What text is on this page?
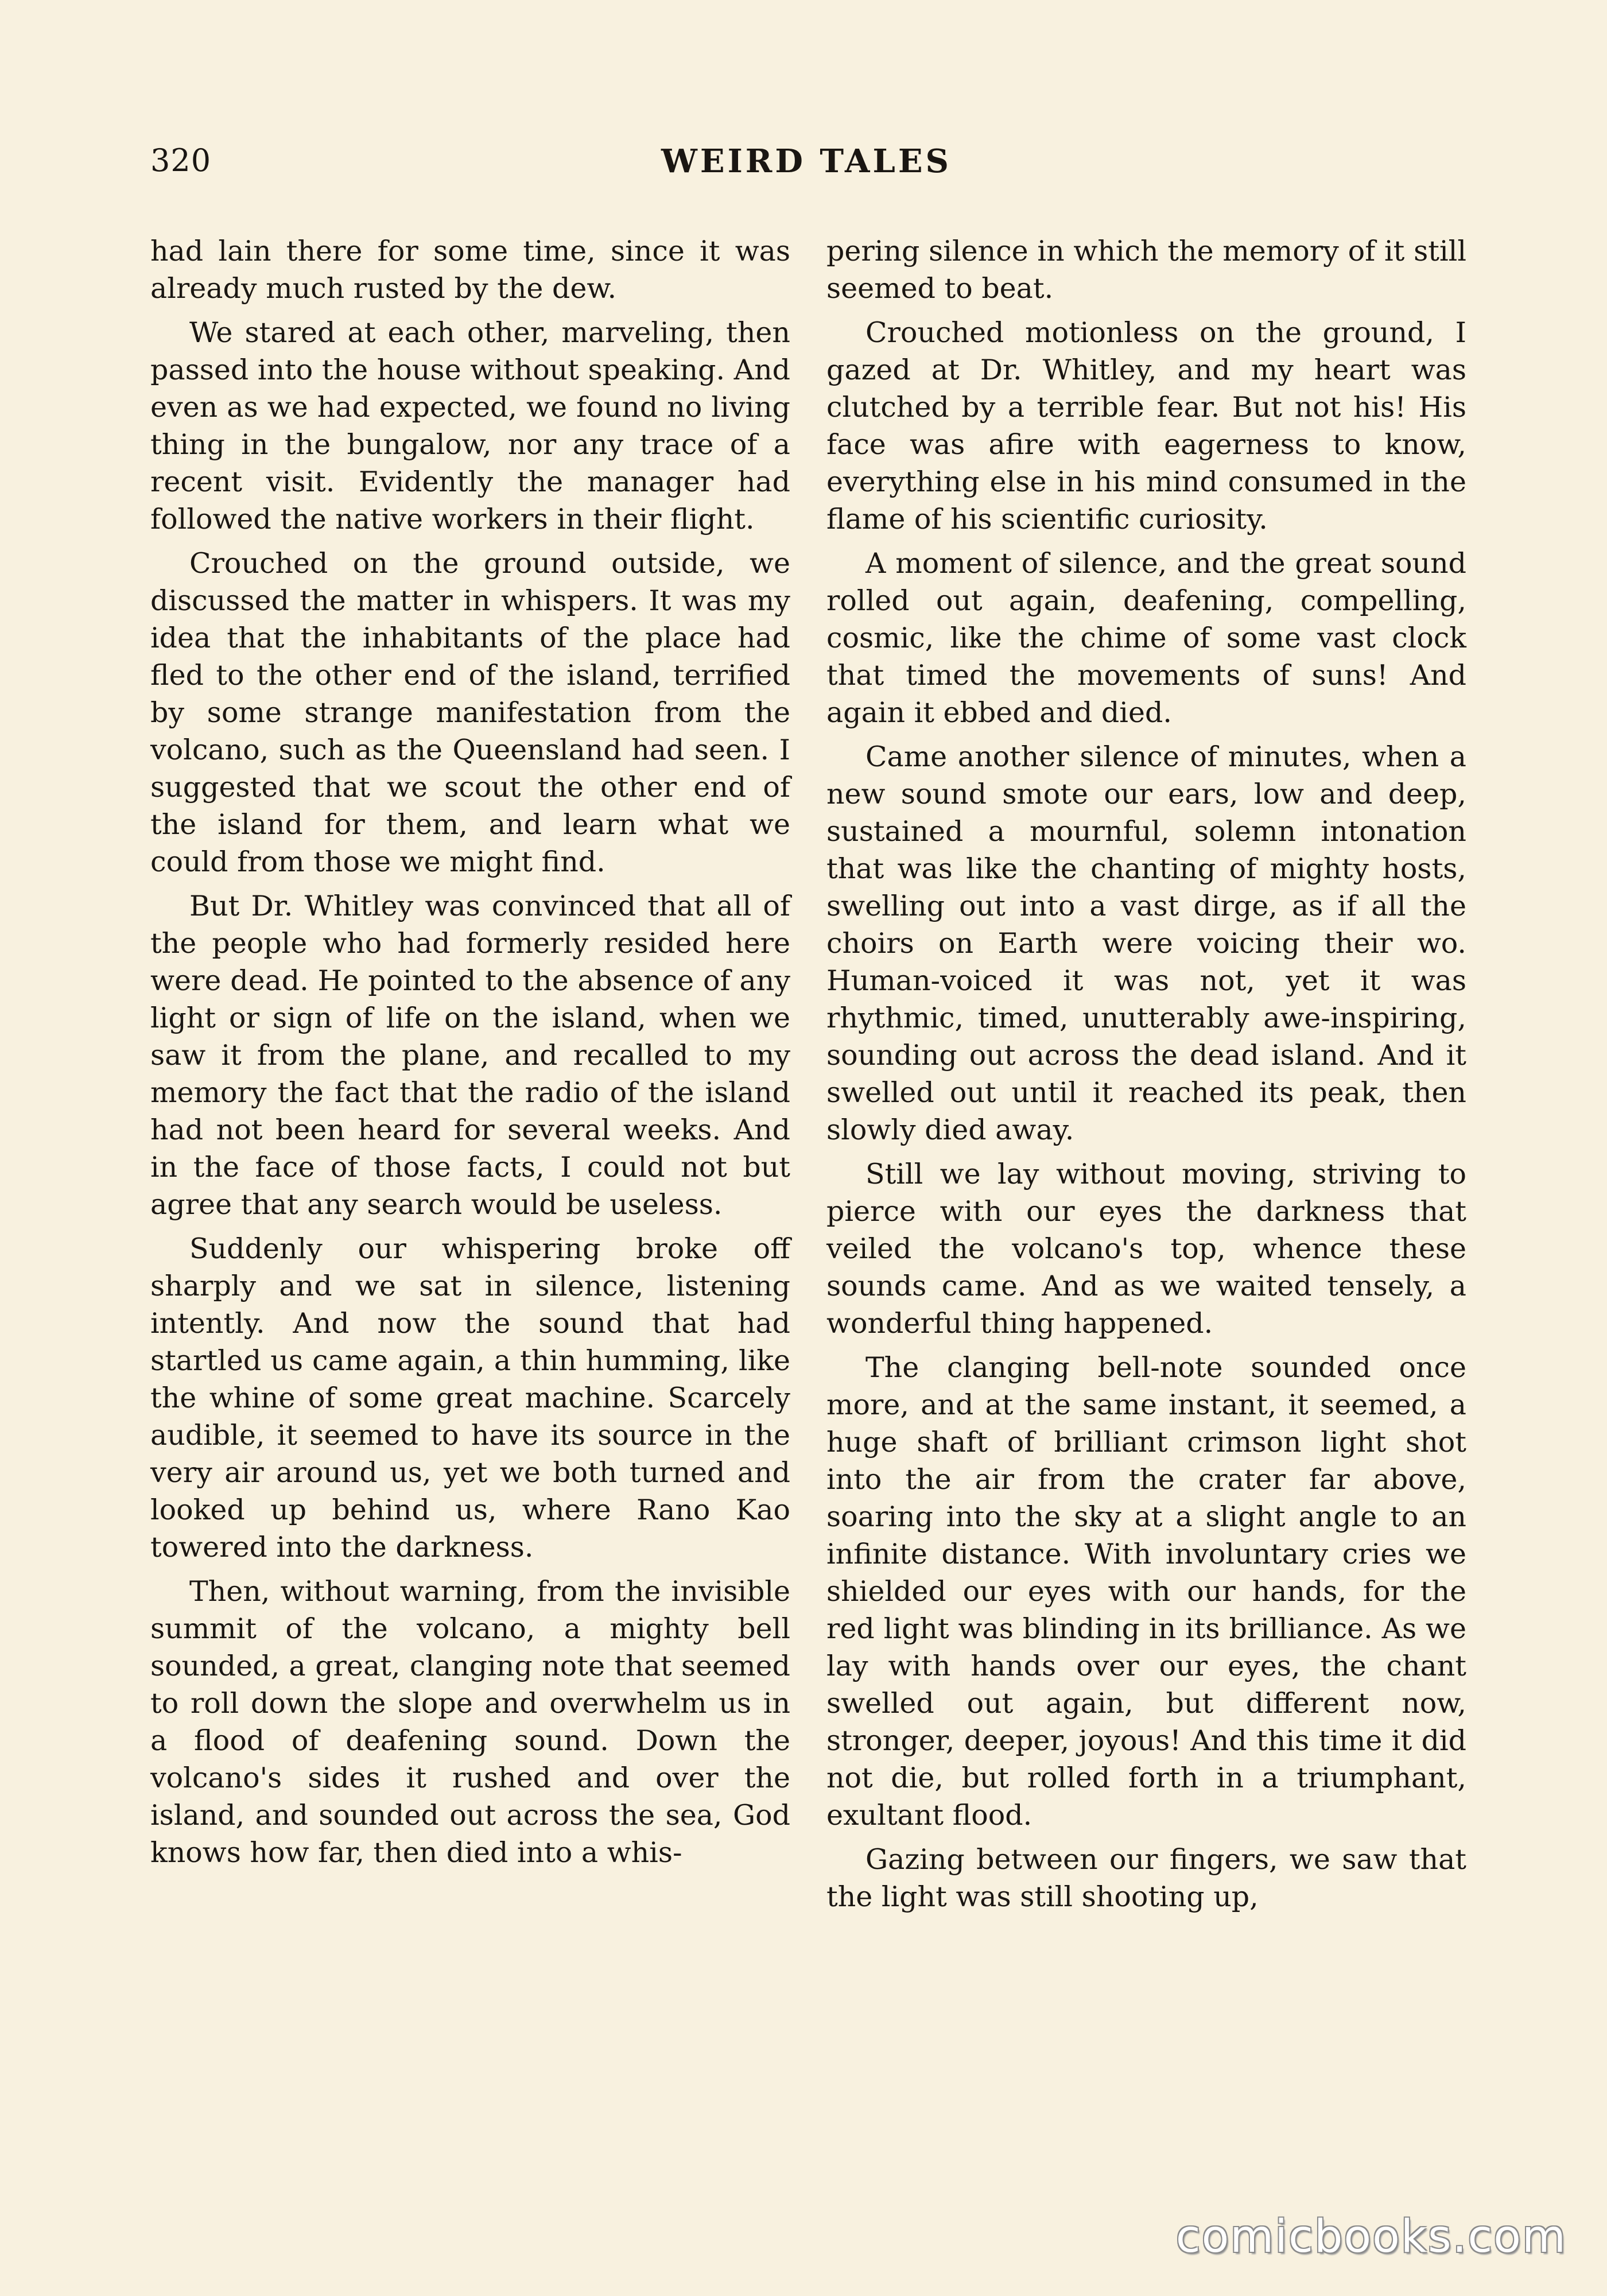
320	WEIRD TALES

had lain there for some time, since it was already much rusted by the dew.

We stared at each other, marveling, then passed into the house without speaking. And even as we had expected, we found no living thing in the bungalow, nor any trace of a recent visit. Evidently the manager had followed the native workers in their flight.

Crouched on the ground outside, we discussed the matter in whispers. It was my idea that the inhabitants of the place had fled to the other end of the island, terrified by some strange manifestation from the volcano, such as the Queensland had seen. I suggested that we scout the other end of the island for them, and learn what we could from those we might find.

But Dr. Whitley was convinced that all of the people who had formerly resided here were dead. He pointed to the absence of any light or sign of life on the island, when we saw it from the plane, and recalled to my memory the fact that the radio of the island had not been heard for several weeks. And in the face of those facts, I could not but agree that any search would be useless.

Suddenly our whispering broke off sharply and we sat in silence, listening intently. And now the sound that had startled us came again, a thin humming, like the whine of some great machine. Scarcely audible, it seemed to have its source in the very air around us, yet we both turned and looked up behind us, where Rano Kao towered into the darkness.

Then, without warning, from the invisible summit of the volcano, a mighty bell sounded, a great, clanging note that seemed to roll down the slope and overwhelm us in a flood of deafening sound. Down the volcano's sides it rushed and over the island, and sounded out across the sea, God knows how far, then died into a whis-

pering silence in which the memory of it still seemed to beat.

Crouched motionless on the ground, I gazed at Dr. Whitley, and my heart was clutched by a terrible fear. But not his! His face was afire with eagerness to know, everything else in his mind consumed in the flame of his scientific curiosity.

A moment of silence, and the great sound rolled out again, deafening, compelling, cosmic, like the chime of some vast clock that timed the movements of suns! And again it ebbed and died.

Came another silence of minutes, when a new sound smote our ears, low and deep, sustained a mournful, solemn intonation that was like the chanting of mighty hosts, swelling out into a vast dirge, as if all the choirs on Earth were voicing their wo. Human-voiced it was not, yet it was rhythmic, timed, unutterably awe-inspiring, sounding out across the dead island. And it swelled out until it reached its peak, then slowly died away.

Still we lay without moving, striving to pierce with our eyes the darkness that veiled the volcano's top, whence these sounds came. And as we waited tensely, a wonderful thing happened.

The clanging bell-note sounded once more, and at the same instant, it seemed, a huge shaft of brilliant crimson light shot into the air from the crater far above, soaring into the sky at a slight angle to an infinite distance. With involuntary cries we shielded our eyes with our hands, for the red light was blinding in its brilliance. As we lay with hands over our eyes, the chant swelled out again, but different now, stronger, deeper, joyous! And this time it did not die, but rolled forth in a triumphant, exultant flood.

Gazing between our fingers, we saw that the light was still shooting up,

comicbooks.com
